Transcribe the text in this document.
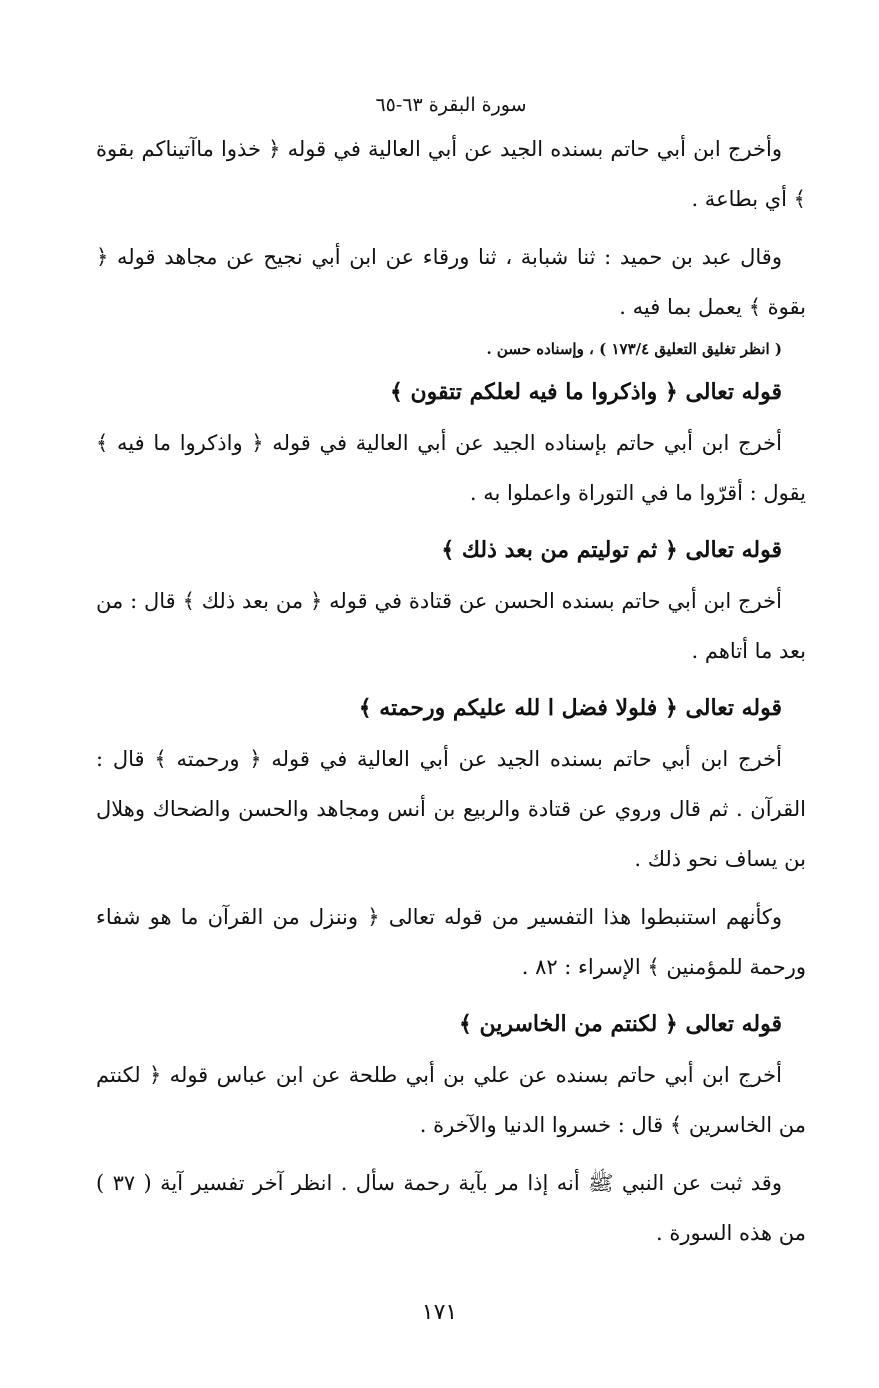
سورة البقرة ٦٣-٦٥

وأخرج ابن أبي حاتم بسنده الجيد عن أبي العالية في قوله ﴿ خذوا ماآتيناكم بقوة ﴾ أي بطاعة .

وقال عبد بن حميد : ثنا شبابة ، ثنا ورقاء عن ابن أبي نجيح عن مجاهد قوله ﴿ بقوة ﴾ يعمل بما فيه .

( انظر تغليق التعليق ١٧٣/٤ ) ، وإسناده حسن .

قوله تعالى ﴿ واذكروا ما فيه لعلكم تتقون ﴾

أخرج ابن أبي حاتم بإسناده الجيد عن أبي العالية في قوله ﴿ واذكروا ما فيه ﴾ يقول : أقرّوا ما في التوراة واعملوا به .

قوله تعالى ﴿ ثم توليتم من بعد ذلك ﴾

أخرج ابن أبي حاتم بسنده الحسن عن قتادة في قوله ﴿ من بعد ذلك ﴾ قال : من بعد ما أتاهم .

قوله تعالى ﴿ فلولا فضل ا لله عليكم ورحمته ﴾

أخرج ابن أبي حاتم بسنده الجيد عن أبي العالية في قوله ﴿ ورحمته ﴾ قال : القرآن . ثم قال وروي عن قتادة والربيع بن أنس ومجاهد والحسن والضحاك وهلال بن يساف نحو ذلك .

وكأنهم استنبطوا هذا التفسير من قوله تعالى ﴿ وننزل من القرآن ما هو شفاء ورحمة للمؤمنين ﴾ الإسراء : ٨٢ .

قوله تعالى ﴿ لكنتم من الخاسرين ﴾

أخرج ابن أبي حاتم بسنده عن علي بن أبي طلحة عن ابن عباس قوله ﴿ لكنتم من الخاسرين ﴾ قال : خسروا الدنيا والآخرة .

وقد ثبت عن النبي ﷺ أنه إذا مر بآية رحمة سأل . انظر آخر تفسير آية ( ٣٧ ) من هذه السورة .

١٧١
